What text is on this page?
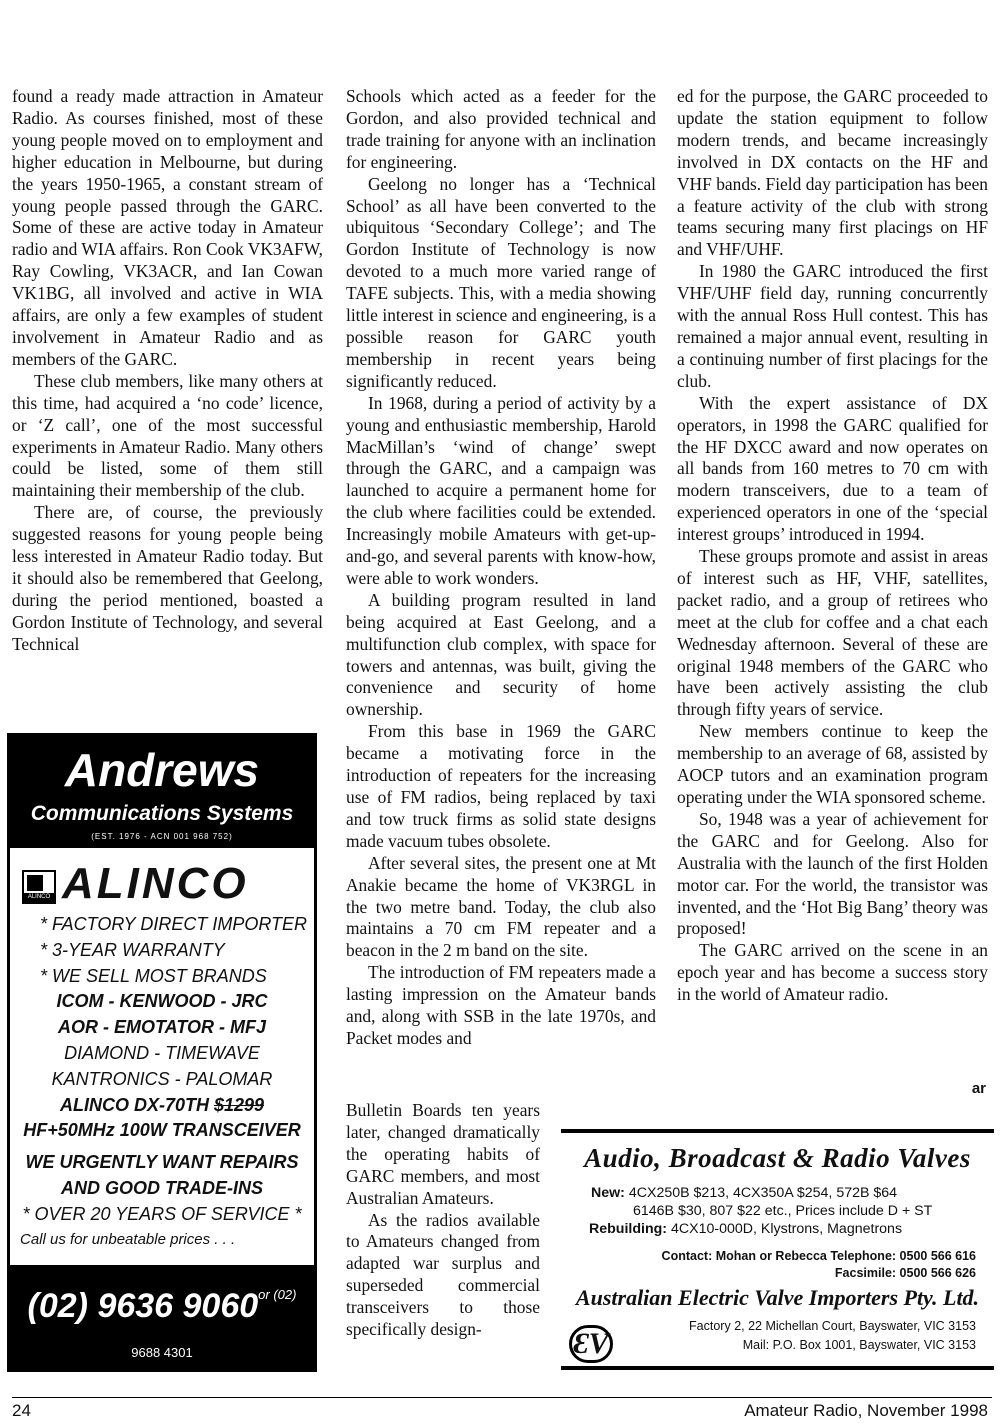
found a ready made attraction in Amateur Radio. As courses finished, most of these young people moved on to employment and higher education in Melbourne, but during the years 1950-1965, a constant stream of young people passed through the GARC. Some of these are active today in Amateur radio and WIA affairs. Ron Cook VK3AFW, Ray Cowling, VK3ACR, and Ian Cowan VK1BG, all involved and active in WIA affairs, are only a few examples of student involvement in Amateur Radio and as members of the GARC.

These club members, like many others at this time, had acquired a ‘no code’ licence, or ‘Z call’, one of the most successful experiments in Amateur Radio. Many others could be listed, some of them still maintaining their membership of the club.

There are, of course, the previously suggested reasons for young people being less interested in Amateur Radio today. But it should also be remembered that Geelong, during the period mentioned, boasted a Gordon Institute of Technology, and several Technical

Schools which acted as a feeder for the Gordon, and also provided technical and trade training for anyone with an inclination for engineering.

Geelong no longer has a ‘Technical School’ as all have been converted to the ubiquitous ‘Secondary College’; and The Gordon Institute of Technology is now devoted to a much more varied range of TAFE subjects. This, with a media showing little interest in science and engineering, is a possible reason for GARC youth membership in recent years being significantly reduced.

In 1968, during a period of activity by a young and enthusiastic membership, Harold MacMillan’s ‘wind of change’ swept through the GARC, and a campaign was launched to acquire a permanent home for the club where facilities could be extended. Increasingly mobile Amateurs with get-up-and-go, and several parents with know-how, were able to work wonders.

A building program resulted in land being acquired at East Geelong, and a multifunction club complex, with space for towers and antennas, was built, giving the convenience and security of home ownership.

From this base in 1969 the GARC became a motivating force in the introduction of repeaters for the increasing use of FM radios, being replaced by taxi and tow truck firms as solid state designs made vacuum tubes obsolete.

After several sites, the present one at Mt Anakie became the home of VK3RGL in the two metre band. Today, the club also maintains a 70 cm FM repeater and a beacon in the 2 m band on the site.

The introduction of FM repeaters made a lasting impression on the Amateur bands and, along with SSB in the late 1970s, and Packet modes and

Bulletin Boards ten years later, changed dramatically the operating habits of GARC members, and most Australian Amateurs.

As the radios available to Amateurs changed from adapted war surplus and superseded commercial transceivers to those specifically design-

ed for the purpose, the GARC proceeded to update the station equipment to follow modern trends, and became increasingly involved in DX contacts on the HF and VHF bands. Field day participation has been a feature activity of the club with strong teams securing many first placings on HF and VHF/UHF.

In 1980 the GARC introduced the first VHF/UHF field day, running concurrently with the annual Ross Hull contest. This has remained a major annual event, resulting in a continuing number of first placings for the club.

With the expert assistance of DX operators, in 1998 the GARC qualified for the HF DXCC award and now operates on all bands from 160 metres to 70 cm with modern transceivers, due to a team of experienced operators in one of the ‘special interest groups’ introduced in 1994.

These groups promote and assist in areas of interest such as HF, VHF, satellites, packet radio, and a group of retirees who meet at the club for coffee and a chat each Wednesday afternoon. Several of these are original 1948 members of the GARC who have been actively assisting the club through fifty years of service.

New members continue to keep the membership to an average of 68, assisted by AOCP tutors and an examination program operating under the WIA sponsored scheme.

So, 1948 was a year of achievement for the GARC and for Geelong. Also for Australia with the launch of the first Holden motor car. For the world, the transistor was invented, and the ‘Hot Big Bang’ theory was proposed!

The GARC arrived on the scene in an epoch year and has become a success story in the world of Amateur radio.

ar
Andrews
Communications Systems
(EST. 1976 - ACN 001 968 752)
ALINCO ALINCO
* FACTORY DIRECT IMPORTER
* 3-YEAR WARRANTY
* WE SELL MOST BRANDS
ICOM - KENWOOD - JRC
AOR - EMOTATOR - MFJ
DIAMOND - TIMEWAVE
KANTRONICS - PALOMAR
ALINCO DX-70TH $1299
HF+50MHz 100W TRANSCEIVER
WE URGENTLY WANT REPAIRS
AND GOOD TRADE-INS
* OVER 20 YEARS OF SERVICE *
Call us for unbeatable prices . . .
(02) 9636 $9060^{or (02)}$ 9688 4301
SHOP 8, 41 BATHURST ST, GREYSTANES.
N.S.W. 2145. FAX (02) 9688 1995
Audio, Broadcast & Radio Valves
New: 4CX250B $213, 4CX350A $254, 572B $64
6146B $30, 807 $22 etc., Prices include D + ST
Rebuilding: 4CX10-000D, Klystrons, Magnetrons
Contact: Mohan or Rebecca Telephone: 0500 566 616
Facsimile: 0500 566 626
Australian Electric Valve Importers Pty. Ltd.
ƐV
Factory 2, 22 Michellan Court, Bayswater, VIC 3153
Mail: P.O. Box 1001, Bayswater, VIC 3153
24	Amateur Radio, November 1998
